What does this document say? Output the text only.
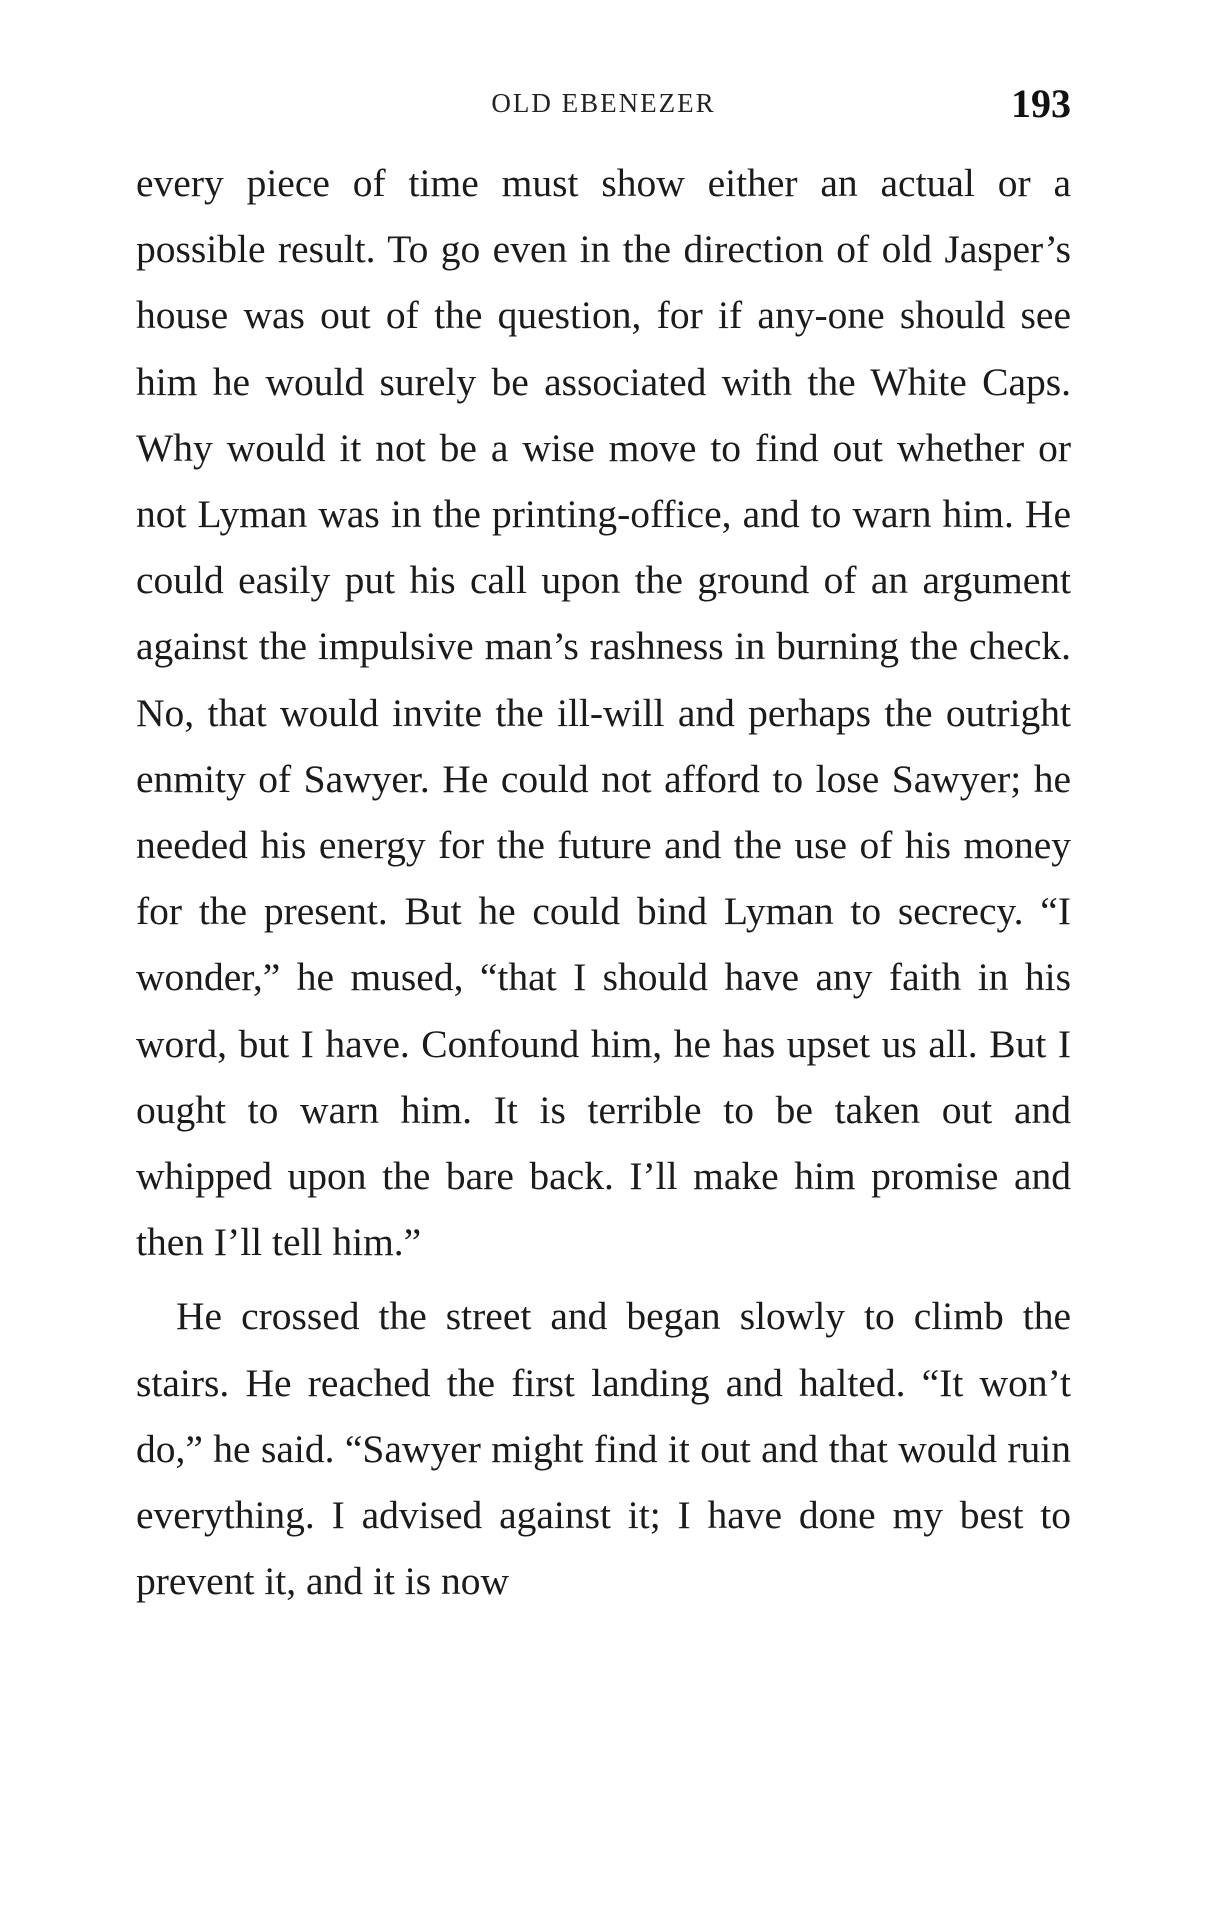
OLD EBENEZER	193

every piece of time must show either an actual or a possible result. To go even in the direction of old Jasper’s house was out of the question, for if any-one should see him he would surely be associated with the White Caps. Why would it not be a wise move to find out whether or not Lyman was in the printing-office, and to warn him. He could easily put his call upon the ground of an argument against the impulsive man’s rashness in burning the check. No, that would invite the ill-will and perhaps the outright enmity of Sawyer. He could not afford to lose Sawyer; he needed his energy for the future and the use of his money for the present. But he could bind Lyman to secrecy. “I wonder,” he mused, “that I should have any faith in his word, but I have. Confound him, he has upset us all. But I ought to warn him. It is terrible to be taken out and whipped upon the bare back. I’ll make him promise and then I’ll tell him.”

He crossed the street and began slowly to climb the stairs. He reached the first landing and halted. “It won’t do,” he said. “Sawyer might find it out and that would ruin everything. I advised against it; I have done my best to prevent it, and it is now
